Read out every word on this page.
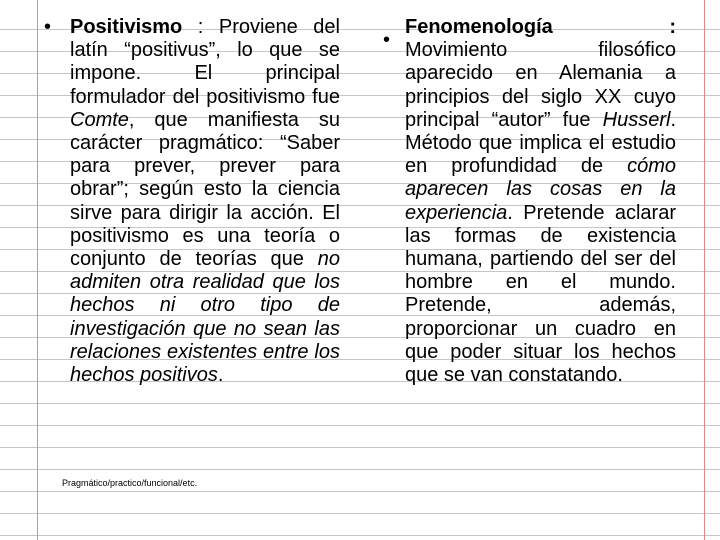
• Positivismo : Proviene del latín “positivus”, lo que se impone. El principal formulador del positivismo fue Comte, que manifiesta su carácter pragmático: “Saber para prever, prever para obrar”; según esto la ciencia sirve para dirigir la acción. El positivismo es una teoría o conjunto de teorías que no admiten otra realidad que los hechos ni otro tipo de investigación que no sean las relaciones existentes entre los hechos positivos.
•
Fenomenología	:
Movimiento filosófico aparecido en Alemania a principios del siglo XX cuyo principal “autor” fue Husserl. Método que implica el estudio en profundidad de cómo aparecen las cosas en la experiencia. Pretende aclarar las formas de existencia humana, partiendo del ser del hombre en el mundo. Pretende, además, proporcionar un cuadro en que poder situar los hechos que se van constatando.
Pragmático/practico/funcional/etc.
